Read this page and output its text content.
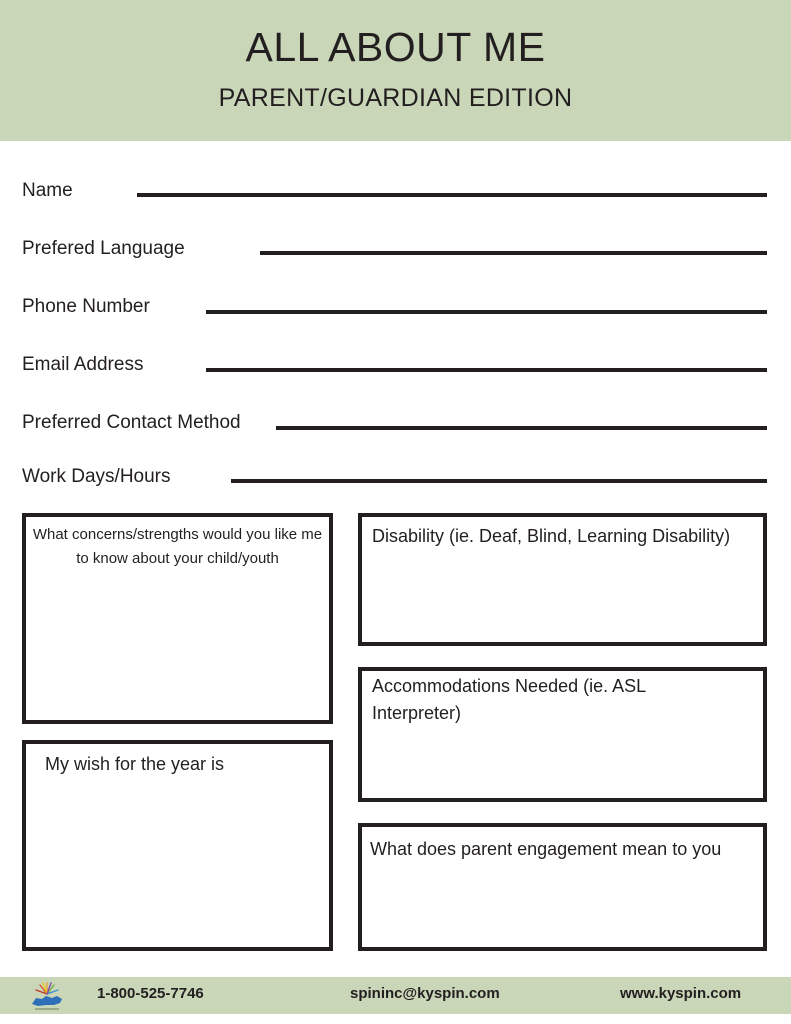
ALL ABOUT ME
PARENT/GUARDIAN EDITION
Name
Prefered Language
Phone Number
Email Address
Preferred Contact Method
Work Days/Hours
What concerns/strengths would you like me to know about your child/youth
My wish for the year is
Disability (ie. Deaf, Blind, Learning Disability)
Accommodations Needed (ie. ASL Interpreter)
What does parent engagement mean to you
1-800-525-7746	spininc@kyspin.com	www.kyspin.com
